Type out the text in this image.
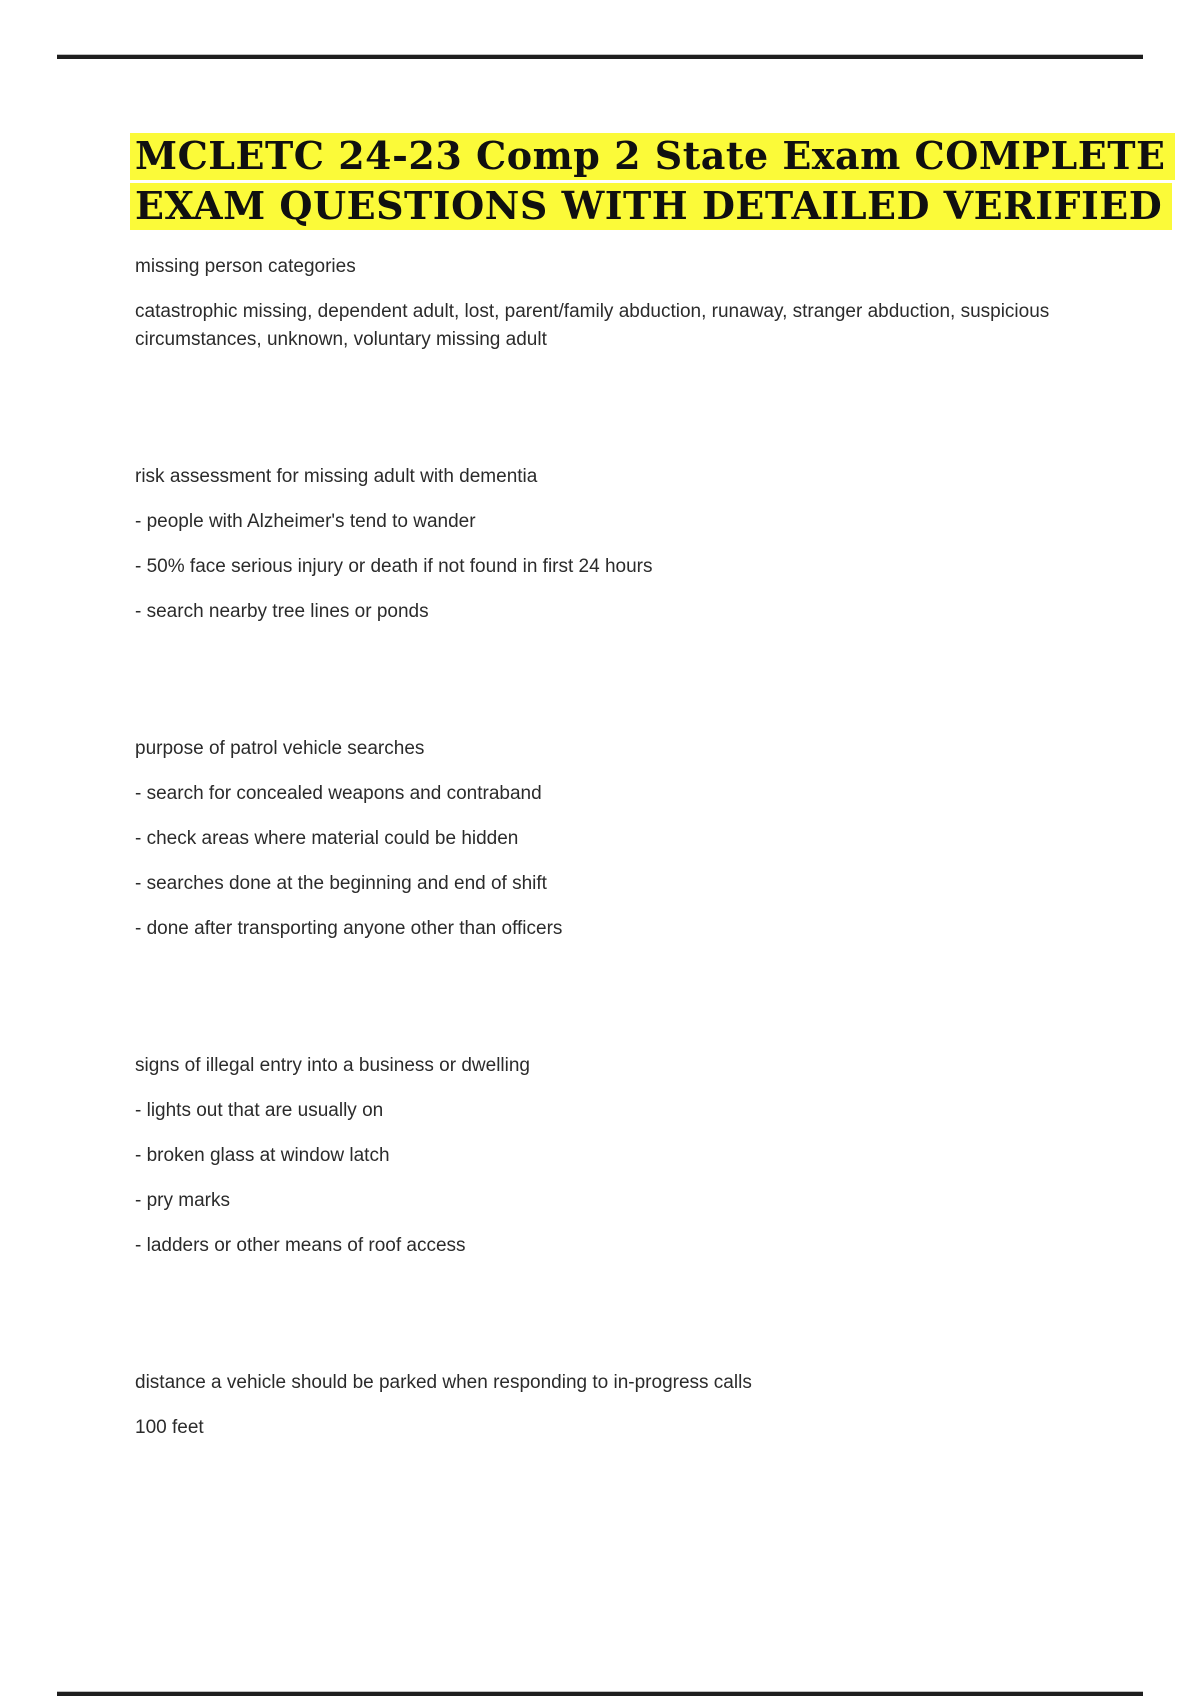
MCLETC 24-23 Comp 2 State Exam COMPLETE
EXAM QUESTIONS WITH DETAILED VERIFIED

missing person categories

catastrophic missing, dependent adult, lost, parent/family abduction, runaway, stranger abduction, suspicious circumstances, unknown, voluntary missing adult

risk assessment for missing adult with dementia

- people with Alzheimer's tend to wander

- 50% face serious injury or death if not found in first 24 hours

- search nearby tree lines or ponds

purpose of patrol vehicle searches

- search for concealed weapons and contraband

- check areas where material could be hidden

- searches done at the beginning and end of shift

- done after transporting anyone other than officers

signs of illegal entry into a business or dwelling

- lights out that are usually on

- broken glass at window latch

- pry marks

- ladders or other means of roof access

distance a vehicle should be parked when responding to in-progress calls

100 feet
